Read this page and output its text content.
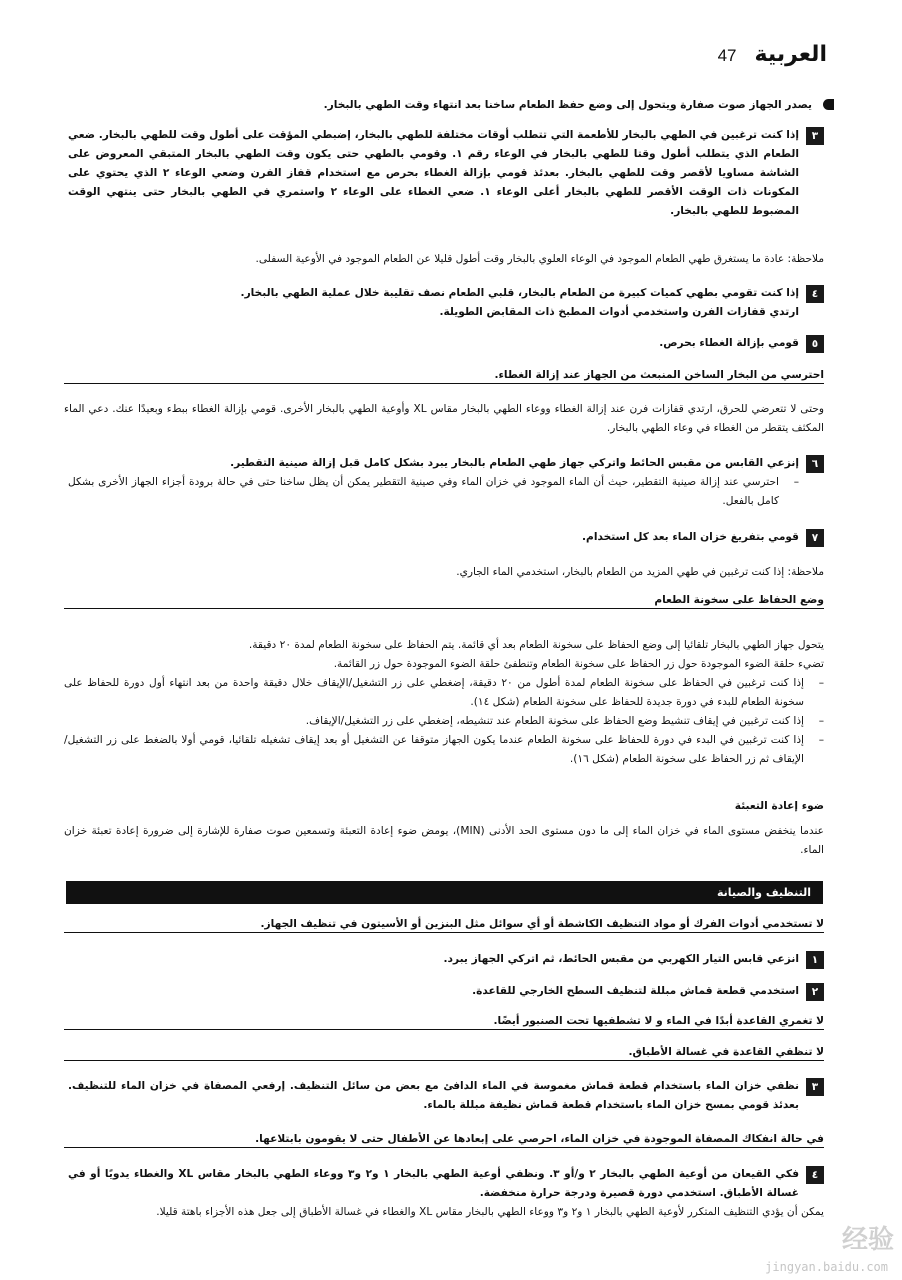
العربية
47
يصدر الجهاز صوت صفارة ويتحول إلى وضع حفظ الطعام ساخنا بعد انتهاء وقت الطهي بالبخار.
٣
إذا كنت ترغبين في الطهي بالبخار للأطعمة التي تتطلب أوقات مختلفة للطهي بالبخار، إضبطي المؤقت على أطول وقت للطهي بالبخار. ضعي الطعام الذي يتطلب أطول وقتا للطهي بالبخار في الوعاء رقم ١. وقومي بالطهي حتى يكون وقت الطهي بالبخار المتبقي المعروض على الشاشة مساويا لأقصر وقت للطهي بالبخار. بعدئذ قومي بإزالة الغطاء بحرص مع استخدام قفاز الفرن وضعي الوعاء ٢ الذي يحتوي على المكونات ذات الوقت الأقصر للطهي بالبخار أعلى الوعاء ١. ضعي الغطاء على الوعاء ٢ واستمري في الطهي بالبخار حتى ينتهي الوقت المضبوط للطهي بالبخار.
ملاحظة: عادة ما يستغرق طهي الطعام الموجود في الوعاء العلوي بالبخار وقت أطول قليلا عن الطعام الموجود في الأوعية السفلى.
٤
إذا كنت تقومي بطهي كميات كبيرة من الطعام بالبخار، قلبي الطعام نصف تقليبة خلال عملية الطهي بالبخار.
ارتدي قفازات الفرن واستخدمي أدوات المطبخ ذات المقابض الطويلة.
٥
قومي بإزالة الغطاء بحرص.
احترسي من البخار الساخن المنبعث من الجهاز عند إزالة الغطاء.
وحتى لا تتعرضي للحرق، ارتدي قفازات فرن عند إزالة الغطاء ووعاء الطهي بالبخار مقاس XL وأوعية الطهي بالبخار الأخرى. قومي بإزالة الغطاء ببطء وبعيدًا عنك. دعي الماء المكثف يتقطر من الغطاء في وعاء الطهي بالبخار.
٦
إنزعي القابس من مقبس الحائط واتركي جهاز طهي الطعام بالبخار يبرد بشكل كامل قبل إزالة صينية التقطير.
–
احترسي عند إزالة صينية التقطير، حيث أن الماء الموجود في خزان الماء وفي صينية التقطير يمكن أن يظل ساخنا حتى في حالة برودة أجزاء الجهاز الأخرى بشكل كامل بالفعل.
٧
قومي بتفريغ خزان الماء بعد كل استخدام.
ملاحظة: إذا كنت ترغبين في طهي المزيد من الطعام بالبخار، استخدمي الماء الجاري.
وضع الحفاظ على سخونة الطعام
يتحول جهاز الطهي بالبخار تلقائيا إلى وضع الحفاظ على سخونة الطعام بعد أي قائمة. يتم الحفاظ على سخونة الطعام لمدة ٢٠ دقيقة.
تضيء حلقة الضوء الموجودة حول زر الحفاظ على سخونة الطعام وتنطفئ حلقة الضوء الموجودة حول زر القائمة.
–
إذا كنت ترغبين في الحفاظ على سخونة الطعام لمدة أطول من ٢٠ دقيقة، إضغطي على زر التشغيل/الإيقاف خلال دقيقة واحدة من بعد انتهاء أول دورة للحفاظ على سخونة الطعام للبدء في دورة جديدة للحفاظ على سخونة الطعام (شكل ١٤).
–
إذا كنت ترغبين في إيقاف تنشيط وضع الحفاظ على سخونة الطعام عند تنشيطه، إضغطي على زر التشغيل/الإيقاف.
–
إذا كنت ترغبين في البدء في دورة للحفاظ على سخونة الطعام عندما يكون الجهاز متوقفا عن التشغيل أو بعد إيقاف تشغيله تلقائيا، قومي أولا بالضغط على زر التشغيل/الإيقاف ثم زر الحفاظ على سخونة الطعام (شكل ١٦).
ضوء إعادة التعبئة
عندما ينخفض مستوى الماء في خزان الماء إلى ما دون مستوى الحد الأدنى (MIN)، يومض ضوء إعادة التعبئة وتسمعين صوت صفارة للإشارة إلى ضرورة إعادة تعبئة خزان الماء.
التنظيف والصيانة
لا تستخدمي أدوات الفرك أو مواد التنظيف الكاشطة أو أي سوائل مثل البنزين أو الأسيتون في تنظيف الجهاز.
١
انزعي قابس التيار الكهربي من مقبس الحائط، ثم اتركي الجهاز يبرد.
٢
استخدمي قطعة قماش مبللة لتنظيف السطح الخارجي للقاعدة.
لا تغمري القاعدة أبدًا في الماء و لا تشطفيها تحت الصنبور أيضًا.
لا تنظفي القاعدة في غسالة الأطباق.
٣
نظفي خزان الماء باستخدام قطعة قماش مغموسة في الماء الدافئ مع بعض من سائل التنظيف. إرفعي المصفاة في خزان الماء للتنظيف. بعدئذ قومي بمسح خزان الماء باستخدام قطعة قماش نظيفة مبللة بالماء.
في حالة انفكاك المصفاة الموجودة في خزان الماء، احرصي على إبعادها عن الأطفال حتى لا يقومون بابتلاعها.
٤
فكي القيعان من أوعية الطهي بالبخار ٢ و/أو ٣. ونظفي أوعية الطهي بالبخار ١ و٢ و٣ ووعاء الطهي بالبخار مقاس XL والغطاء يدويًا أو في غسالة الأطباق. استخدمي دورة قصيرة ودرجة حرارة منخفضة.
يمكن أن يؤدي التنظيف المتكرر لأوعية الطهي بالبخار ١ و٢ و٣ ووعاء الطهي بالبخار مقاس XL والغطاء في غسالة الأطباق إلى جعل هذه الأجزاء باهتة قليلا.
经验
jingyan.baidu.com
